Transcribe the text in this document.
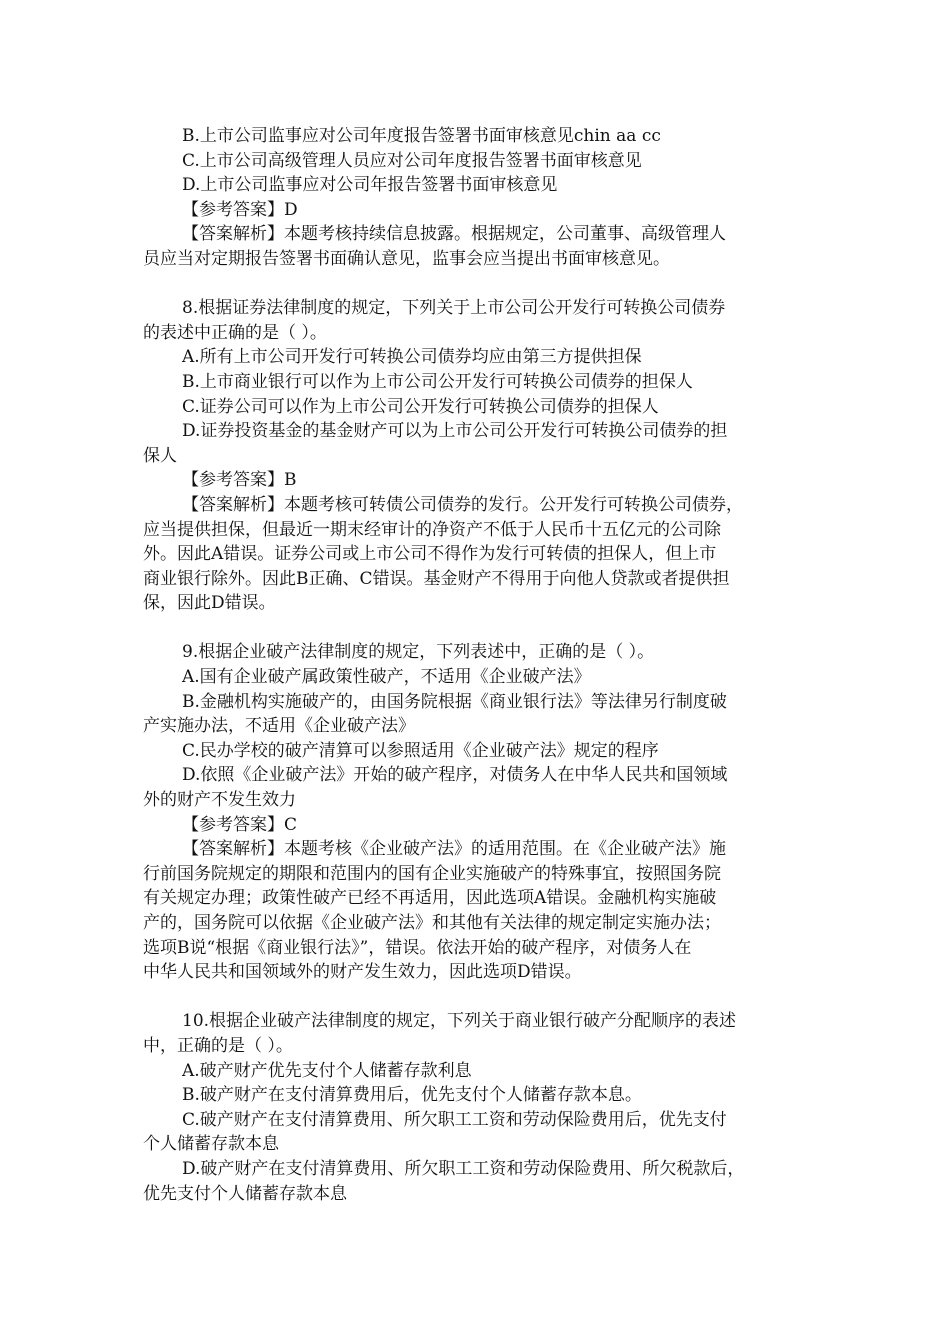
B.上市公司监事应对公司年度报告签署书面审核意见chin aa cc
C.上市公司高级管理人员应对公司年度报告签署书面审核意见
D.上市公司监事应对公司年报告签署书面审核意见
【参考答案】D
【答案解析】本题考核持续信息披露。根据规定，公司董事、高级管理人
员应当对定期报告签署书面确认意见，监事会应当提出书面审核意见。
8.根据证券法律制度的规定，下列关于上市公司公开发行可转换公司债券
的表述中正确的是（ ）。
A.所有上市公司开发行可转换公司债券均应由第三方提供担保
B.上市商业银行可以作为上市公司公开发行可转换公司债券的担保人
C.证券公司可以作为上市公司公开发行可转换公司债券的担保人
D.证券投资基金的基金财产可以为上市公司公开发行可转换公司债券的担
保人
【参考答案】B
【答案解析】本题考核可转债公司债券的发行。公开发行可转换公司债券，
应当提供担保，但最近一期末经审计的净资产不低于人民币十五亿元的公司除
外。因此A错误。证券公司或上市公司不得作为发行可转债的担保人，但上市
商业银行除外。因此B正确、C错误。基金财产不得用于向他人贷款或者提供担
保，因此D错误。
9.根据企业破产法律制度的规定，下列表述中，正确的是（ ）。
A.国有企业破产属政策性破产，不适用《企业破产法》
B.金融机构实施破产的，由国务院根据《商业银行法》等法律另行制度破
产实施办法，不适用《企业破产法》
C.民办学校的破产清算可以参照适用《企业破产法》规定的程序
D.依照《企业破产法》开始的破产程序，对债务人在中华人民共和国领域
外的财产不发生效力
【参考答案】C
【答案解析】本题考核《企业破产法》的适用范围。在《企业破产法》施
行前国务院规定的期限和范围内的国有企业实施破产的特殊事宜，按照国务院
有关规定办理；政策性破产已经不再适用，因此选项A错误。金融机构实施破
产的，国务院可以依据《企业破产法》和其他有关法律的规定制定实施办法；
选项B说“根据《商业银行法》”，错误。依法开始的破产程序，对债务人在
中华人民共和国领域外的财产发生效力，因此选项D错误。
10.根据企业破产法律制度的规定，下列关于商业银行破产分配顺序的表述
中，正确的是（ ）。
A.破产财产优先支付个人储蓄存款利息
B.破产财产在支付清算费用后，优先支付个人储蓄存款本息。
C.破产财产在支付清算费用、所欠职工工资和劳动保险费用后，优先支付
个人储蓄存款本息
D.破产财产在支付清算费用、所欠职工工资和劳动保险费用、所欠税款后，
优先支付个人储蓄存款本息
